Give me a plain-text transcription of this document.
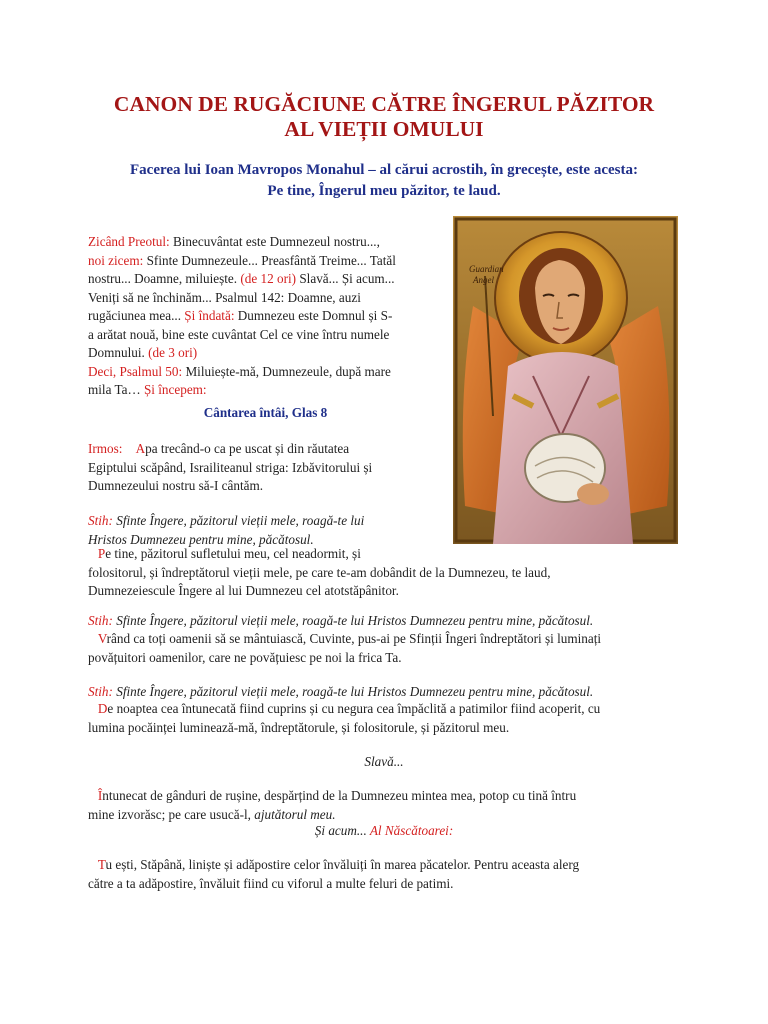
CANON DE RUGĂCIUNE CĂTRE ÎNGERUL PĂZITOR
AL VIEȚII OMULUI
Facerea lui Ioan Mavropos Monahul – al cărui acrostih, în grecește, este acesta:
Pe tine, Îngerul meu păzitor, te laud.
Guardian
Angel
Zicând Preotul: Binecuvântat este Dumnezeul nostru...,
noi zicem: Sfinte Dumnezeule... Preasfântă Treime... Tatăl
nostru... Doamne, miluiește. (de 12 ori) Slavă... Și acum...
Veniți să ne închinăm... Psalmul 142: Doamne, auzi
rugăciunea mea... Și îndată: Dumnezeu este Domnul și S-
a arătat nouă, bine este cuvântat Cel ce vine întru numele
Domnului. (de 3 ori)
Deci, Psalmul 50: Miluiește-mă, Dumnezeule, după mare
mila Ta… Și începem:
Cântarea întâi, Glas 8
Irmos: Apa trecând-o ca pe uscat și din răutatea
Egiptului scăpând, Israiliteanul striga: Izbăvitorului și
Dumnezeului nostru să-I cântăm.
Stih: Sfinte Îngere, păzitorul vieții mele, roagă-te lui
Hristos Dumnezeu pentru mine, păcătosul.
Pe tine, păzitorul sufletului meu, cel neadormit, și
folositorul, și îndreptătorul vieții mele, pe care te-am dobândit de la Dumnezeu, te laud,
Dumnezeiescule Îngere al lui Dumnezeu cel atotstăpânitor.
Stih: Sfinte Îngere, păzitorul vieții mele, roagă-te lui Hristos Dumnezeu pentru mine, păcătosul.
Vrând ca toți oamenii să se mântuiască, Cuvinte, pus-ai pe Sfinții Îngeri îndreptători și luminați
povățuitori oamenilor, care ne povățuiesc pe noi la frica Ta.
Stih: Sfinte Îngere, păzitorul vieții mele, roagă-te lui Hristos Dumnezeu pentru mine, păcătosul.
De noaptea cea întunecată fiind cuprins și cu negura cea împăclită a patimilor fiind acoperit, cu
lumina pocăinței luminează-mă, îndreptătorule, și folositorule, și păzitorul meu.
Slavă...
Întunecat de gânduri de rușine, despărțind de la Dumnezeu mintea mea, potop cu tină întru
mine izvorăsc; pe care usucă-l, ajutătorul meu.
Și acum... Al Născătoarei:
Tu ești, Stăpână, liniște și adăpostire celor învăluiți în marea păcatelor. Pentru aceasta alerg
către a ta adăpostire, învăluit fiind cu viforul a multe feluri de patimi.
